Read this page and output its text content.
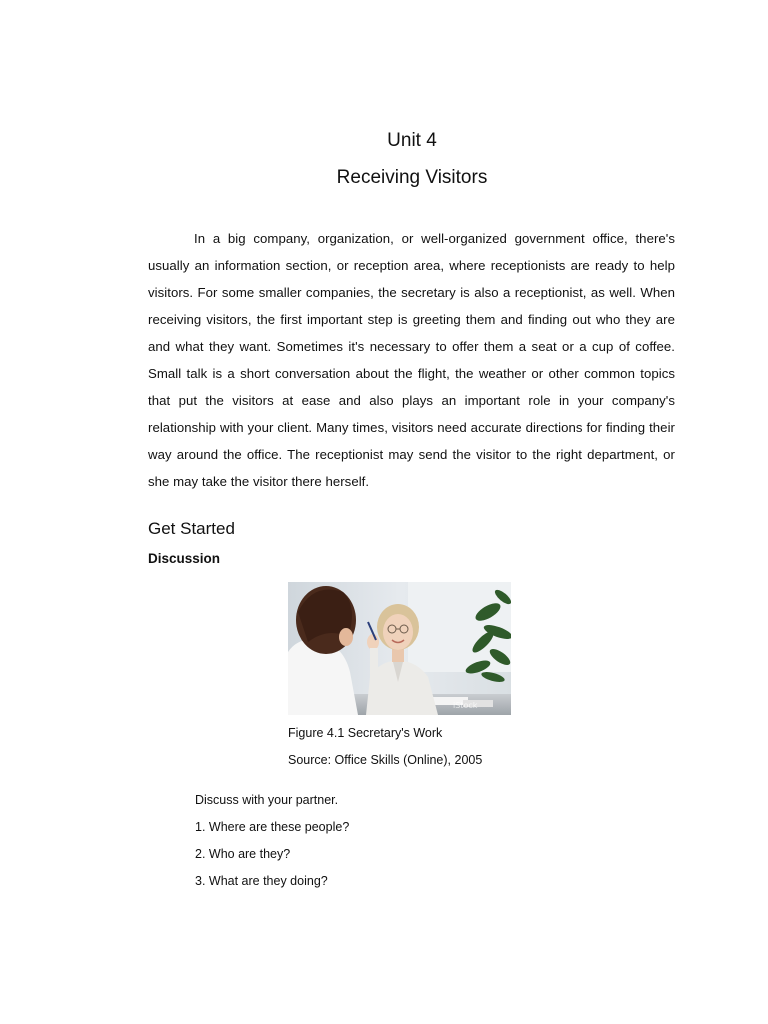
Unit 4
Receiving Visitors

In a big company, organization, or well-organized government office, there's usually an information section, or reception area, where receptionists are ready to help visitors. For some smaller companies, the secretary is also a receptionist, as well. When receiving visitors, the first important step is greeting them and finding out who they are and what they want. Sometimes it's necessary to offer them a seat or a cup of coffee. Small talk is a short conversation about the flight, the weather or other common topics that put the visitors at ease and also plays an important role in your company's relationship with your client. Many times, visitors need accurate directions for finding their way around the office. The receptionist may send the visitor to the right department, or she may take the visitor there herself.

Get Started
Discussion
iStock

Figure 4.1 Secretary's Work

Source: Office Skills (Online), 2005

Discuss with your partner.

1. Where are these people?

2. Who are they?

3. What are they doing?
